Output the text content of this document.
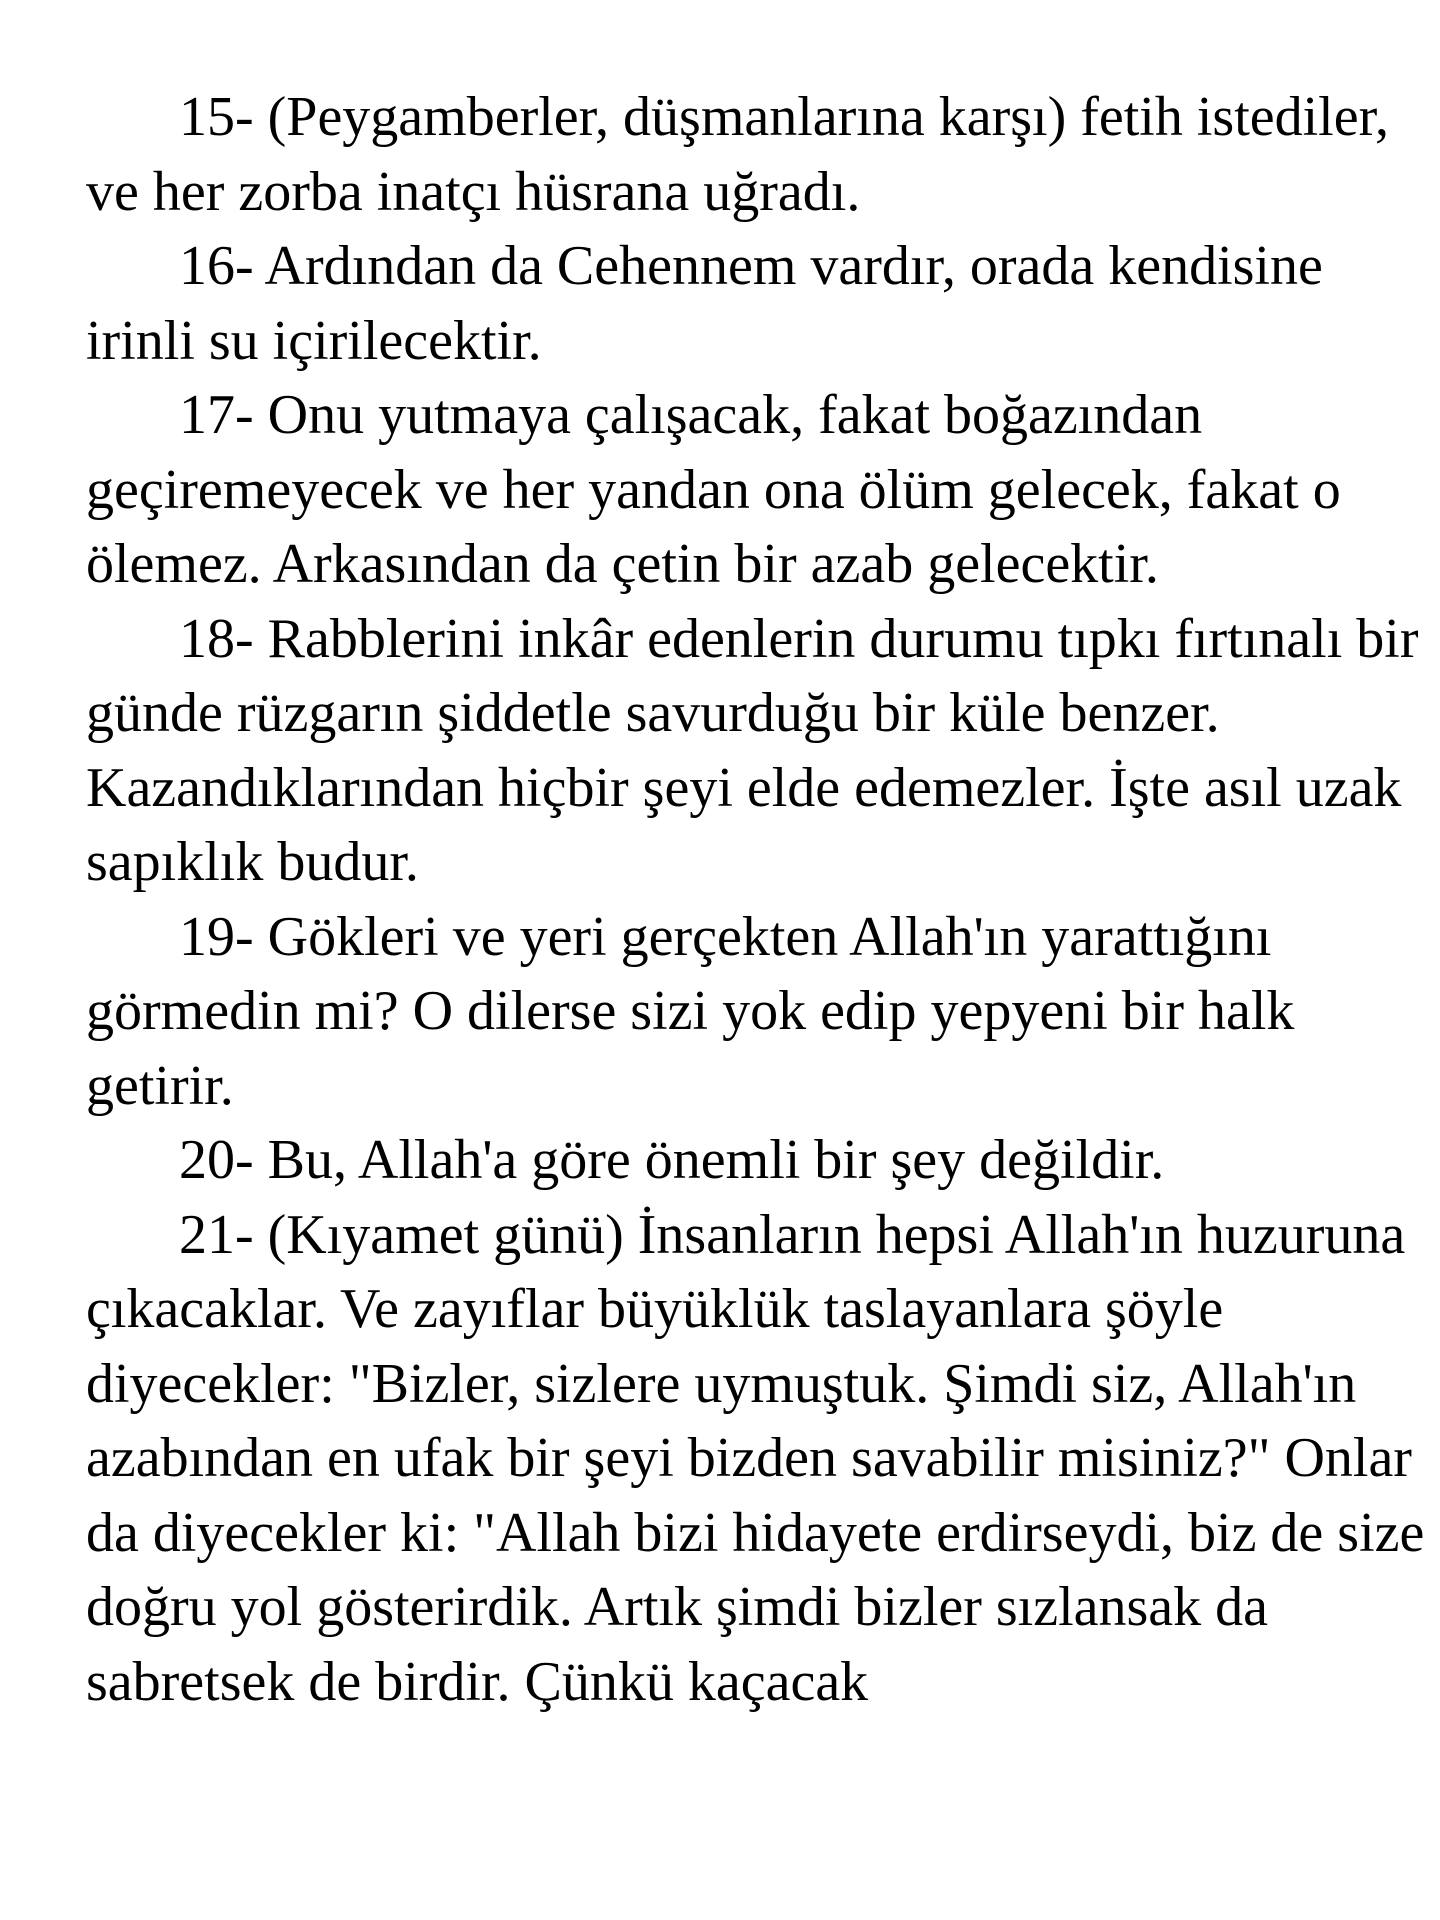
15- (Peygamberler, düşmanlarına karşı) fetih istediler, ve her zorba inatçı hüsrana uğradı.

16- Ardından da Cehennem vardır, orada kendisine irinli su içirilecektir.

17- Onu yutmaya çalışacak, fakat boğazından geçiremeyecek ve her yandan ona ölüm gelecek, fakat o ölemez. Arkasından da çetin bir azab gelecektir.

18- Rabblerini inkâr edenlerin durumu tıpkı fırtınalı bir günde rüzgarın şiddetle savurduğu bir küle benzer. Kazandıklarından hiçbir şeyi elde edemezler. İşte asıl uzak sapıklık budur.

19- Gökleri ve yeri gerçekten Allah'ın yarattığını görmedin mi? O dilerse sizi yok edip yepyeni bir halk getirir.

20- Bu, Allah'a göre önemli bir şey değildir.

21- (Kıyamet günü) İnsanların hepsi Allah'ın huzuruna çıkacaklar. Ve zayıflar büyüklük taslayanlara şöyle diyecekler: "Bizler, sizlere uymuştuk. Şimdi siz, Allah'ın azabından en ufak bir şeyi bizden savabilir misiniz?" Onlar da diyecekler ki: "Allah bizi hidayete erdirseydi, biz de size doğru yol gösterirdik. Artık şimdi bizler sızlansak da sabretsek de birdir. Çünkü kaçacak
